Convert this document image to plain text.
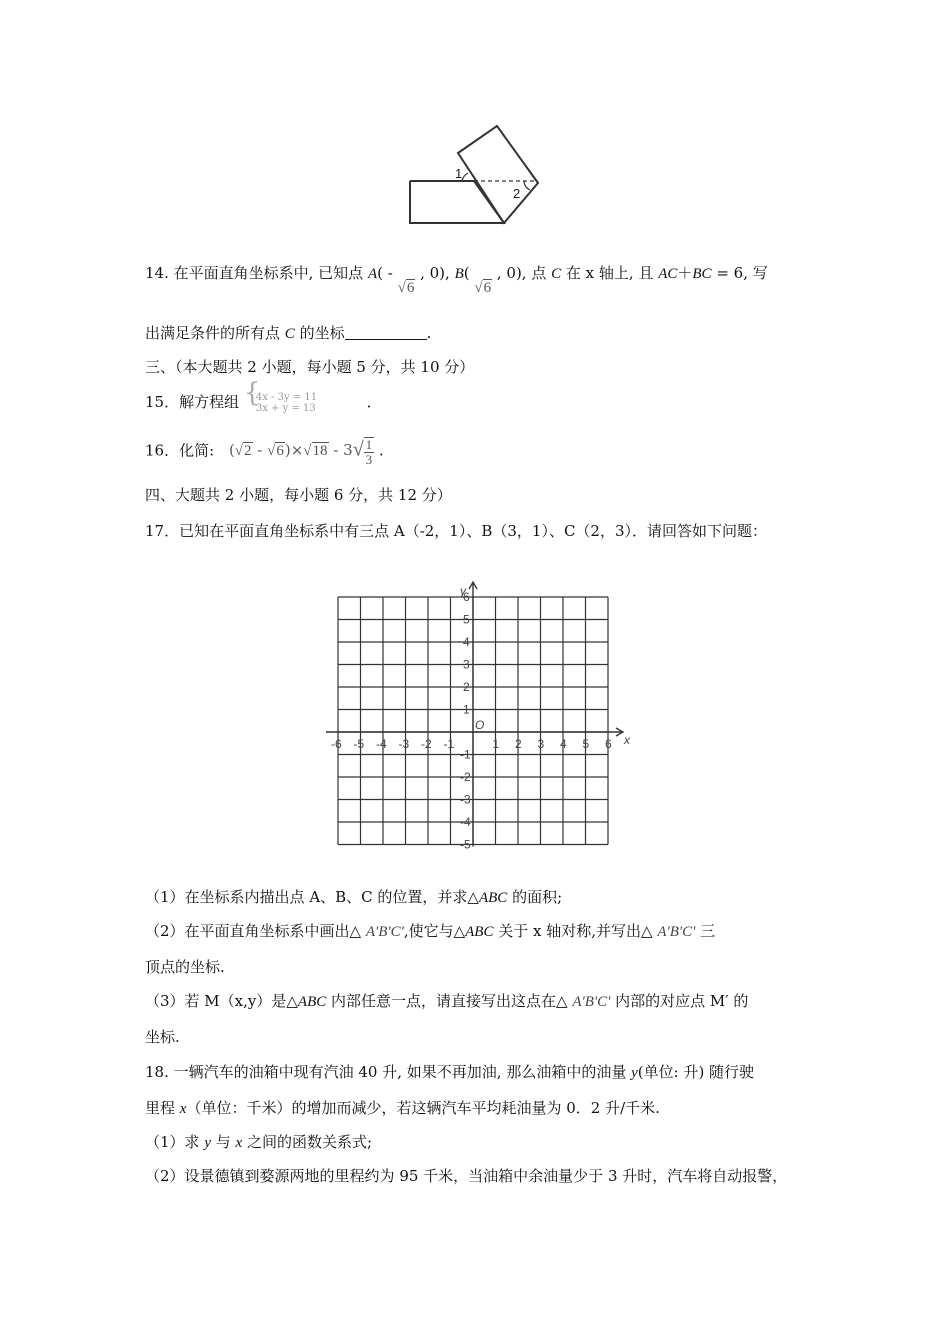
1
2
14. 在平面直角坐标系中, 已知点 A( - √6 , 0), B( √6 , 0), 点 C 在 x 轴上, 且 AC＋BC = 6, 写
出满足条件的所有点 C 的坐标	.
三、（本大题共 2 小题，每小题 5 分，共 10 分）
15．解方程组 {
4x - 3y = 11
3x + y = 13	．
16．化简: $(√2 - √6)\times√18 - 3√ \frac{1}{3}$ .
四、大题共 2 小题，每小题 6 分，共 12 分）
17．已知在平面直角坐标系中有三点 A（-2，1）、B（3，1）、C（2，3）．请回答如下问题：
x
y
O
-6 -5 -4 -3 -2 -1	1 2 3 4 5 6
6
5
4
3
2
1
-1
-2
-3
-4
-5
（1）在坐标系内描出点 A、B、C 的位置，并求△ABC 的面积;
（2）在平面直角坐标系中画出△ A'B'C',使它与△ABC 关于 x 轴对称,并写出△ A'B'C' 三
顶点的坐标.
（3）若 M（x,y）是△ABC 内部任意一点，请直接写出这点在△ A'B'C' 内部的对应点 M′ 的
坐标.
18. 一辆汽车的油箱中现有汽油 40 升, 如果不再加油, 那么油箱中的油量 y(单位: 升) 随行驶
里程 x（单位：千米）的增加而减少，若这辆汽车平均耗油量为 0．2 升/千米.
（1）求 y 与 x 之间的函数关系式;
（2）设景德镇到婺源两地的里程约为 95 千米，当油箱中余油量少于 3 升时，汽车将自动报警，
